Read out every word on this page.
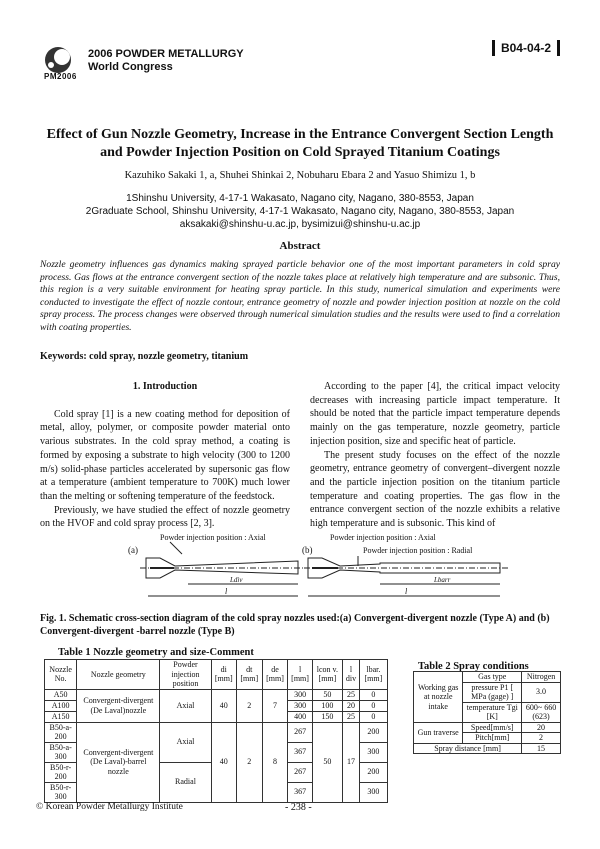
2006 POWDER METALLURGY
World Congress
PM2006
B04-04-2
Effect of Gun Nozzle Geometry, Increase in the Entrance Convergent Section Length and Powder Injection Position on Cold Sprayed Titanium Coatings
Kazuhiko Sakaki 1, a, Shuhei Shinkai 2, Nobuharu Ebara 2 and Yasuo Shimizu 1, b
1Shinshu University, 4-17-1 Wakasato, Nagano city, Nagano, 380-8553, Japan
2Graduate School, Shinshu University, 4-17-1 Wakasato, Nagano city, Nagano, 380-8553, Japan
aksakaki@shinshu-u.ac.jp, bysimizui@shinshu-u.ac.jp
Abstract
Nozzle geometry influences gas dynamics making sprayed particle behavior one of the most important parameters in cold spray process. Gas flows at the entrance convergent section of the nozzle takes place at relatively high temperature and are subsonic. Thus, this region is a very suitable environment for heating spray particle. In this study, numerical simulation and experiments were conducted to investigate the effect of nozzle contour, entrance geometry of nozzle and powder injection position at nozzle on the cold spray process. The process changes were observed through numerical simulation studies and the results were used to find a correlation with coating properties.
Keywords: cold spray, nozzle geometry, titanium
1. Introduction

Cold spray [1] is a new coating method for deposition of metal, alloy, polymer, or composite powder material onto various substrates. In the cold spray method, a coating is formed by exposing a substrate to high velocity (300 to 1200 m/s) solid-phase particles accelerated by supersonic gas flow at a temperature (ambient temperature to 700K) much lower than the melting or softening temperature of the feedstock.

Previously, we have studied the effect of nozzle geometry on the HVOF and cold spray process [2, 3].

According to the paper [4], the critical impact velocity decreases with increasing particle impact temperature. It should be noted that the particle impact temperature depends mainly on the gas temperature, nozzle geometry, particle injection position, size and specific heat of particle.

The present study focuses on the effect of the nozzle geometry, entrance geometry of convergent–divergent nozzle and the particle injection position on the titanium particle temperature and coating properties. The gas flow in the entrance convergent section of the nozzle exhibits a relative high temperature and is subsonic. This kind of

(a)
Powder injection position : Axial
Ldiv
l
(b)
Powder injection position : Axial
Powder injection position : Radial
Lbarr
l
Fig. 1. Schematic cross-section diagram of the cold spray nozzles used:(a) Convergent-divergent nozzle (Type A) and (b) Convergent-divergent -barrel nozzle (Type B)
Table 1 Nozzle geometry and size-Comment
Nozzle No.	Nozzle geometry	Powder injection position	di [mm]	dt [mm]	de [mm]	l [mm]	lcon v. [mm]	l div	lbar. [mm]
A50	Convergent-divergent (De Laval)nozzle	Axial	40	2	7	300	50	25	0
A100						300	100	20	0
A150						400	150	25	0
B50-a-200	Convergent-divergent (De Laval)-barrel nozzle	Axial	40	2	8	267	50	17	200
B50-a-300						367			300
B50-r-200		Radial				267			200
B50-r-300						367			300
Table 2 Spray conditions
Working gas at nozzle intake	Gas type	Nitrogen
	pressure P1 [ MPa (gage) ]	3.0
	temperature Tgi [K]	600~ 660 (623)
Gun traverse	Speed[mm/s]	20
	Pitch[mm]	2
Spray distance [mm]		15
© Korean Powder Metallurgy Institute	- 238 -
